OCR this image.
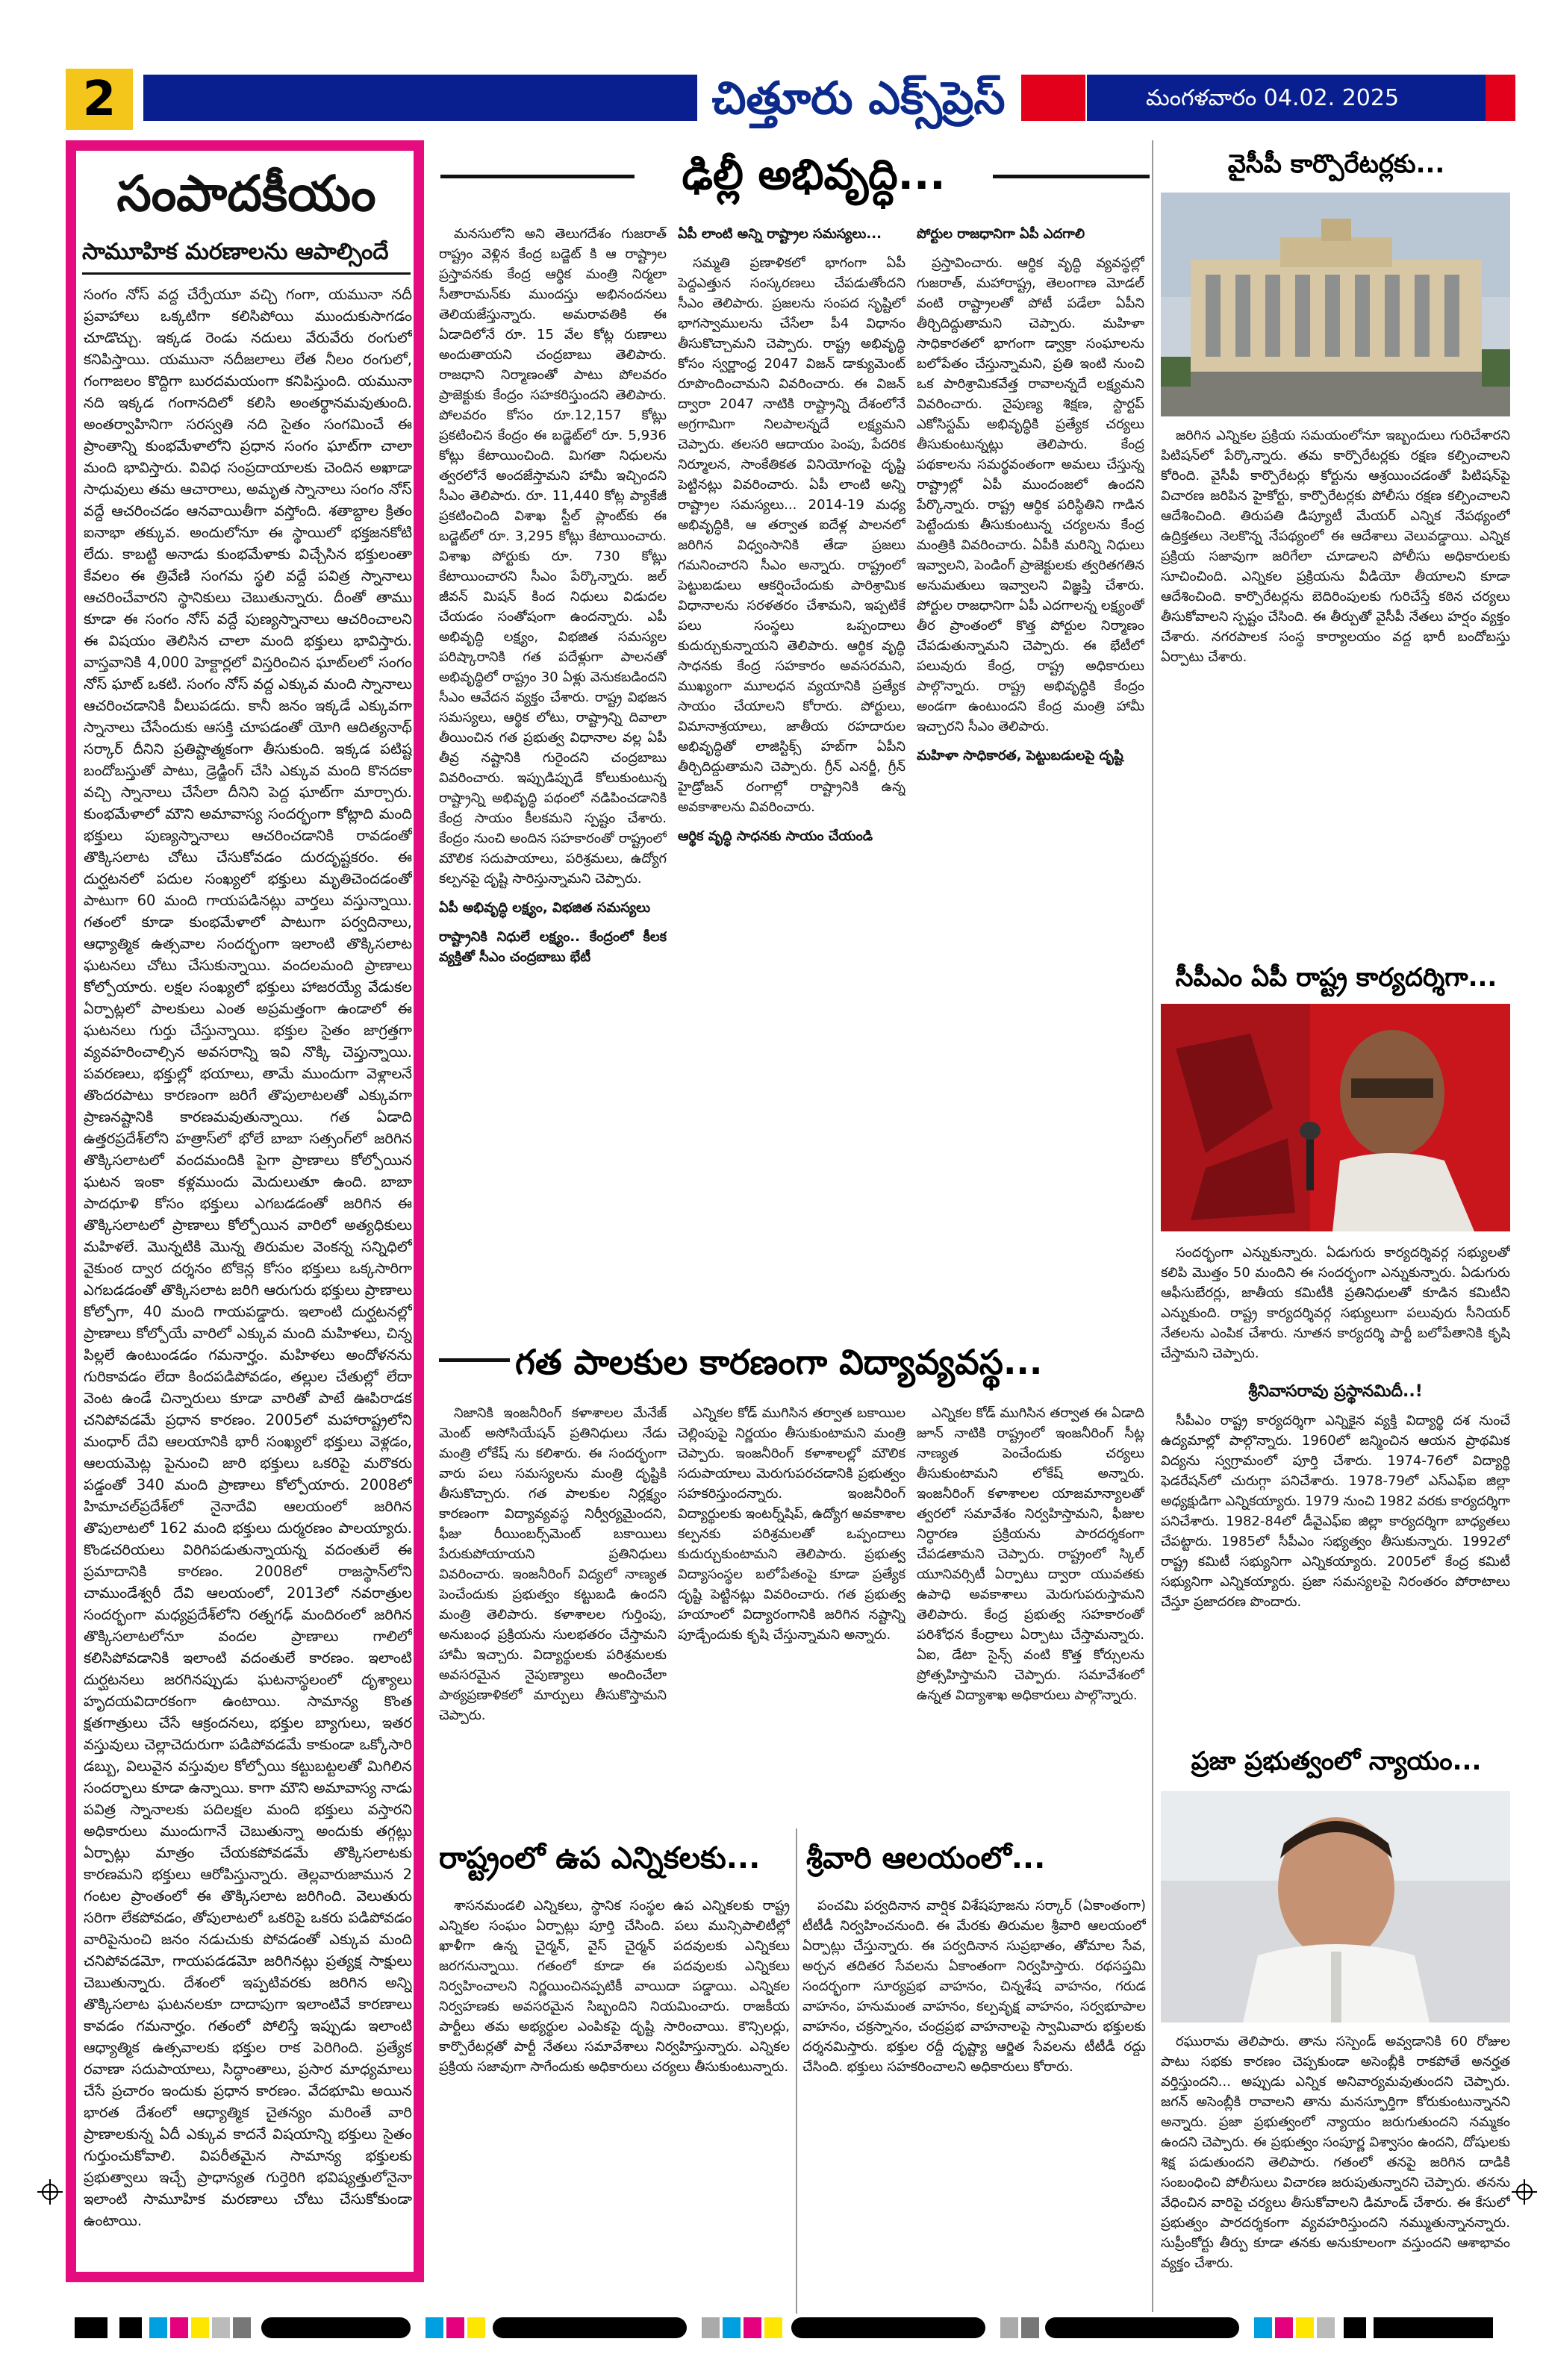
2	చిత్తూరు ఎక్స్‌ప్రెస్	మంగళవారం 04.02. 2025
సంపాదకీయం
సామూహిక మరణాలను ఆపాల్సిందే
సంగం నోస్ వద్ద చేర్పేయూ వచ్చి గంగా, యమునా నదీ ప్రవాహాలు ఒక్కటిగా కలిసిపోయి ముందుకుసాగడం చూడొచ్చు. ఇక్కడ రెండు నదులు వేరువేరు రంగులో కనిపిస్తాయి. యమునా నదీజలాలు లేత నీలం రంగులో, గంగాజలం కొద్దిగా బురదమయంగా కనిపిస్తుంది. యమునా నది ఇక్కడ గంగానదిలో కలిసి అంతర్థానమవుతుంది. అంతర్వాహినిగా సరస్వతి నది సైతం సంగమించే ఈ ప్రాంతాన్ని కుంభమేళాలోని ప్రధాన సంగం ఘాట్‌గా చాలా మంది భావిస్తారు. వివిధ సంప్రదాయాలకు చెందిన అఖాడా సాధువులు తమ ఆచారాలు, అమృత స్నానాలు సంగం నోస్ వద్దే ఆచరించడం ఆనవాయితీగా వస్తోంది. శతాబ్దాల క్రితం ఐనాభా తక్కువ. అందులోనూ ఈ స్థాయిలో భక్తజనకోటి లేదు. కాబట్టి అనాడు కుంభమేళాకు విచ్చేసిన భక్తులంతా కేవలం ఈ త్రివేణి సంగమ స్థలి వద్దే పవిత్ర స్నానాలు ఆచరించేవారని స్థానికులు చెబుతున్నారు. దీంతో తాము కూడా ఈ సంగం నోస్ వద్దే పుణ్యస్నానాలు ఆచరించాలని ఈ విషయం తెలిసిన చాలా మంది భక్తులు భావిస్తారు. వాస్తవానికి 4,000 హెక్టార్లలో విస్తరించిన ఘాట్‌లలో సంగం నోస్ ఘాట్ ఒకటి. సంగం నోస్ వద్ద ఎక్కువ మంది స్నానాలు ఆచరించడానికి వీలుపడదు. కానీ జనం ఇక్కడే ఎక్కువగా స్నానాలు చేసేందుకు ఆసక్తి చూపడంతో యోగి ఆదిత్యనాథ్ సర్కార్ దీనిని ప్రతిష్టాత్మకంగా తీసుకుంది. ఇక్కడ పటిష్ట బందోబస్తుతో పాటు, డ్రెడ్జింగ్ చేసి ఎక్కువ మంది కొనదకా వచ్చి స్నానాలు చేసేలా దీనిని పెద్ద ఘాట్‌గా మార్చారు. కుంభమేళాలో మౌని అమావాస్య సందర్భంగా కోట్లాది మంది భక్తులు పుణ్యస్నానాలు ఆచరించడానికి రావడంతో తొక్కిసలాట చోటు చేసుకోవడం దురదృష్టకరం. ఈ దుర్ఘటనలో పదుల సంఖ్యలో భక్తులు మృతిచెందడంతో పాటుగా 60 మంది గాయపడినట్లు వార్తలు వస్తున్నాయి. గతంలో కూడా కుంభమేళాలో పాటుగా పర్వదినాలు, ఆధ్యాత్మిక ఉత్సవాల సందర్భంగా ఇలాంటి తొక్కిసలాట ఘటనలు చోటు చేసుకున్నాయి. వందలమంది ప్రాణాలు కోల్పోయారు. లక్షల సంఖ్యలో భక్తులు హాజరయ్యే వేడుకల ఏర్పాట్లలో పాలకులు ఎంత అప్రమత్తంగా ఉండాలో ఈ ఘటనలు గుర్తు చేస్తున్నాయి. భక్తుల సైతం జాగ్రత్తగా వ్యవహరించాల్సిన అవసరాన్ని ఇవి నొక్కి చెప్తున్నాయి. పవరణలు, భక్తుల్లో భయాలు, తామే ముందుగా వెళ్లాలనే తొందరపాటు కారణంగా జరిగే తొపులాటలతో ఎక్కువగా ప్రాణనష్టానికి కారణమవుతున్నాయి. గత ఏడాది ఉత్తరప్రదేశ్‌లోని హత్రాస్‌లో భోలే బాబా సత్సంగ్‌లో జరిగిన తొక్కిసలాటలో వందమందికి పైగా ప్రాణాలు కోల్పోయిన ఘటన ఇంకా కళ్లముందు మెదులుతూ ఉంది. బాబా పాదధూళి కోసం భక్తులు ఎగబడడంతో జరిగిన ఈ తొక్కిసలాటలో ప్రాణాలు కోల్పోయిన వారిలో అత్యధికులు మహిళలే. మొన్నటికి మొన్న తిరుమల వెంకన్న సన్నిధిలో వైకుంఠ ద్వార దర్శనం టోకెన్ల కోసం భక్తులు ఒక్కసారిగా ఎగబడడంతో తొక్కిసలాట జరిగి ఆరుగురు భక్తులు ప్రాణాలు కోల్పోగా, 40 మంది గాయపడ్డారు. ఇలాంటి దుర్ఘటనల్లో ప్రాణాలు కోల్పోయే వారిలో ఎక్కువ మంది మహిళలు, చిన్న పిల్లలే ఉంటుండడం గమనార్హం. మహిళలు అందోళనను గురికావడం లేదా కిందపడిపోవడం, తల్లుల చేతుల్లో లేదా వెంట ఉండే చిన్నారులు కూడా వారితో పాటే ఊపిరాడక చనిపోవడమే ప్రధాన కారణం. 2005లో మహారాష్ట్రలోని మంధార్ దేవి ఆలయానికి భారీ సంఖ్యలో భక్తులు వెళ్లడం, ఆలయమెట్ల పైనుంచి జారి భక్తులు ఒకరిపై మరొకరు పడ్డంతో 340 మంది ప్రాణాలు కోల్పోయారు. 2008లో హిమాచల్‌ప్రదేశ్‌లో నైనాదేవి ఆలయంలో జరిగిన తొపులాటలో 162 మంది భక్తులు దుర్మరణం పాలయ్యారు. కొండచరియలు విరిగిపడుతున్నాయన్న వదంతులే ఈ ప్రమాదానికి కారణం. 2008లో రాజస్థాన్‌లోని చాముండేశ్వరీ దేవి ఆలయంలో, 2013లో నవరాత్రుల సందర్భంగా మధ్యప్రదేశ్‌లోని రత్నగఢ్ మందిరంలో జరిగిన తొక్కిసలాటలోనూ వందల ప్రాణాలు గాలిలో కలిసిపోవడానికి ఇలాంటి వదంతులే కారణం. ఇలాంటి దుర్ఘటనలు జరగినప్పుడు ఘటనాస్థలంలో దృశ్యాలు హృదయవిదారకంగా ఉంటాయి. సామాన్య కొంత క్షతగాత్రులు చేసే ఆక్రందనలు, భక్తుల బ్యాగులు, ఇతర వస్తువులు చెల్లాచెదురుగా పడిపోవడమే కాకుండా ఒక్కోసారి డబ్బు, విలువైన వస్తువుల కోల్పోయి కట్టుబట్టలతో మిగిలిన సందర్భాలు కూడా ఉన్నాయి. కాగా మౌని అమావాస్య నాడు పవిత్ర స్నానాలకు పదిలక్షల మంది భక్తులు వస్తారని అధికారులు ముందుగానే చెబుతున్నా అందుకు తగ్గట్లు ఏర్పాట్లు మాత్రం చేయకపోవడమే తొక్కిసలాటకు కారణమని భక్తులు ఆరోపిస్తున్నారు. తెల్లవారుజామున 2 గంటల ప్రాంతంలో ఈ తొక్కిసలాట జరిగింది. వెలుతురు సరిగా లేకపోవడం, తోపులాటలో ఒకరిపై ఒకరు పడిపోవడం వారిపైనుంచి జనం నడుచుకు పోవడంతో ఎక్కువ మంది చనిపోవడమో, గాయపడడమో జరిగినట్లు ప్రత్యక్ష సాక్షులు చెబుతున్నారు. దేశంలో ఇప్పటివరకు జరిగిన అన్ని తొక్కిసలాట ఘటనలకూ దాదాపుగా ఇలాంటివే కారణాలు కావడం గమనార్హం. గతంలో పోలిస్తే ఇప్పుడు ఇలాంటి ఆధ్యాత్మిక ఉత్సవాలకు భక్తుల రాక పెరిగింది. ప్రత్యేక రవాణా సదుపాయాలు, సిద్ధాంతాలు, ప్రసార మాధ్యమాలు చేసే ప్రచారం ఇందుకు ప్రధాన కారణం. వేదభూమి అయిన భారత దేశంలో ఆధ్యాత్మిక చైతన్యం మరింతే వారి ప్రాణాలకున్న ఏదీ ఎక్కువ కాదనే విషయాన్ని భక్తులు సైతం గుర్తుంచుకోవాలి. విపరీతమైన సామాన్య భక్తులకు ప్రభుత్వాలు ఇచ్చే ప్రాధాన్యత గుర్తెరిగి భవిష్యత్తులోనైనా ఇలాంటి సామూహిక మరణాలు చోటు చేసుకోకుండా ఉంటాయి.
ఢిల్లీ అభివృద్ధి...

మనసులోని అని తెలుగదేశం గుజరాత్ రాష్ట్రం వెళ్లిన కేంద్ర బడ్జెట్ కి ఆ రాష్ట్రాల ప్రస్తావనకు కేంద్ర ఆర్థిక మంత్రి నిర్మలా సీతారామన్‌కు ముందస్తు అభినందనలు తెలియజేస్తున్నారు. అమరావతికి ఈ ఏడాదిలోనే రూ. 15 వేల కోట్ల రుణాలు అందుతాయని చంద్రబాబు తెలిపారు. రాజధాని నిర్మాణంతో పాటు పోలవరం ప్రాజెక్టుకు కేంద్రం సహకరిస్తుందని తెలిపారు. పోలవరం కోసం రూ.12,157 కోట్లు ప్రకటించిన కేంద్రం ఈ బడ్జెట్‌లో రూ. 5,936 కోట్లు కేటాయించింది. మిగతా నిధులను త్వరలోనే అందజేస్తామని హామీ ఇచ్చిందని సీఎం తెలిపారు. రూ. 11,440 కోట్ల ప్యాకేజీ ప్రకటించింది విశాఖ స్టీల్ ప్లాంట్‌కు ఈ బడ్జెట్‌లో రూ. 3,295 కోట్లు కేటాయించారు. విశాఖ పోర్టుకు రూ. 730 కోట్లు కేటాయించారని సీఎం పేర్కొన్నారు. జల్ జీవన్ మిషన్ కింద నిధులు విడుదల చేయడం సంతోషంగా ఉందన్నారు. ఎపీ అభివృద్ధి లక్ష్యం, విభజిత సమస్యల పరిష్కారానికి గత పదేళ్లుగా పాలనతో అభివృద్ధిలో రాష్ట్రం 30 ఏళ్లు వెనుకబడిందని సీఎం ఆవేదన వ్యక్తం చేశారు. రాష్ట్ర విభజన సమస్యలు, ఆర్థిక లోటు, రాష్ట్రాన్ని దివాలా తీయించిన గత ప్రభుత్వ విధానాల వల్ల ఏపీ తీవ్ర నష్టానికి గురైందని చంద్రబాబు వివరించారు. ఇప్పుడిప్పుడే కోలుకుంటున్న రాష్ట్రాన్ని అభివృద్ధి పథంలో నడిపించడానికి కేంద్ర సాయం కీలకమని స్పష్టం చేశారు. కేంద్రం నుంచి అందిన సహకారంతో రాష్ట్రంలో మౌలిక సదుపాయాలు, పరిశ్రమలు, ఉద్యోగ కల్పనపై దృష్టి సారిస్తున్నామని చెప్పారు.

ఏపీ అభివృద్ధి లక్ష్యం, విభజిత సమస్యలు

రాష్ట్రానికి నిధులే లక్ష్యం.. కేంద్రంలో కీలక వ్యక్తితో సీఎం చంద్రబాబు భేటీ

ఏపీ లాంటి అన్ని రాష్ట్రాల సమస్యలు...

సమ్మతి ప్రణాళికలో భాగంగా ఏపీ పెద్దఎత్తున సంస్కరణలు చేపడుతోందని సీఎం తెలిపారు. ప్రజలను సంపద సృష్టిలో భాగస్వాములను చేసేలా పీ4 విధానం తీసుకొచ్చామని చెప్పారు. రాష్ట్ర అభివృద్ధి కోసం స్వర్ణాంధ్ర 2047 విజన్ డాక్యుమెంట్ రూపొందించామని వివరించారు. ఈ విజన్ ద్వారా 2047 నాటికి రాష్ట్రాన్ని దేశంలోనే అగ్రగామిగా నిలపాలన్నదే లక్ష్యమని చెప్పారు. తలసరి ఆదాయం పెంపు, పేదరిక నిర్మూలన, సాంకేతికత వినియోగంపై దృష్టి పెట్టినట్లు వివరించారు. ఏపీ లాంటి అన్ని రాష్ట్రాల సమస్యలు... 2014-19 మధ్య అభివృద్ధికి, ఆ తర్వాత ఐదేళ్ల పాలనలో జరిగిన విధ్వంసానికి తేడా ప్రజలు గమనించారని సీఎం అన్నారు. రాష్ట్రంలో పెట్టుబడులు ఆకర్షించేందుకు పారిశ్రామిక విధానాలను సరళతరం చేశామని, ఇప్పటికే పలు సంస్థలు ఒప్పందాలు కుదుర్చుకున్నాయని తెలిపారు. ఆర్థిక వృద్ధి సాధనకు కేంద్ర సహకారం అవసరమని, ముఖ్యంగా మూలధన వ్యయానికి ప్రత్యేక సాయం చేయాలని కోరారు. పోర్టులు, విమానాశ్రయాలు, జాతీయ రహదారుల అభివృద్ధితో లాజిస్టిక్స్ హబ్‌గా ఏపీని తీర్చిదిద్దుతామని చెప్పారు. గ్రీన్ ఎనర్జీ, గ్రీన్ హైడ్రోజన్ రంగాల్లో రాష్ట్రానికి ఉన్న అవకాశాలను వివరించారు.

ఆర్థిక వృద్ధి సాధనకు సాయం చేయండి

పోర్టుల రాజధానిగా ఏపీ ఎదగాలి

ప్రస్తావించారు. ఆర్థిక వృద్ధి వ్యవస్థల్లో గుజరాత్, మహారాష్ట్ర, తెలంగాణ మోడల్‌ వంటి రాష్ట్రాలతో పోటీ పడేలా ఏపీని తీర్చిదిద్దుతామని చెప్పారు. మహిళా సాధికారతలో భాగంగా డ్వాక్రా సంఘాలను బలోపేతం చేస్తున్నామని, ప్రతి ఇంటి నుంచి ఒక పారిశ్రామికవేత్త రావాలన్నదే లక్ష్యమని వివరించారు. నైపుణ్య శిక్షణ, స్టార్టప్ ఎకోసిస్టమ్ అభివృద్ధికి ప్రత్యేక చర్యలు తీసుకుంటున్నట్లు తెలిపారు. కేంద్ర పథకాలను సమర్థవంతంగా అమలు చేస్తున్న రాష్ట్రాల్లో ఏపీ ముందంజలో ఉందని పేర్కొన్నారు. రాష్ట్ర ఆర్థిక పరిస్థితిని గాడిన పెట్టేందుకు తీసుకుంటున్న చర్యలను కేంద్ర మంత్రికి వివరించారు. ఏపీకి మరిన్ని నిధులు ఇవ్వాలని, పెండింగ్ ప్రాజెక్టులకు త్వరితగతిన అనుమతులు ఇవ్వాలని విజ్ఞప్తి చేశారు. పోర్టుల రాజధానిగా ఏపీ ఎదగాలన్న లక్ష్యంతో తీర ప్రాంతంలో కొత్త పోర్టుల నిర్మాణం చేపడుతున్నామని చెప్పారు. ఈ భేటీలో పలువురు కేంద్ర, రాష్ట్ర అధికారులు పాల్గొన్నారు. రాష్ట్ర అభివృద్ధికి కేంద్రం అండగా ఉంటుందని కేంద్ర మంత్రి హామీ ఇచ్చారని సీఎం తెలిపారు.

మహిళా సాధికారత, పెట్టుబడులపై దృష్టి

గత పాలకుల కారణంగా విద్యావ్యవస్థ...

నిజానికి ఇంజనీరింగ్ కళాశాలల మేనేజ్ మెంట్ అసోసియేషన్ ప్రతినిధులు నేడు మంత్రి లోకేష్ ను కలిశారు. ఈ సందర్భంగా వారు పలు సమస్యలను మంత్రి దృష్టికి తీసుకొచ్చారు. గత పాలకుల నిర్లక్ష్యం కారణంగా విద్యావ్యవస్థ నిర్వీర్యమైందని, ఫీజు రీయింబర్స్‌మెంట్ బకాయిలు పేరుకుపోయాయని ప్రతినిధులు వివరించారు. ఇంజనీరింగ్ విద్యలో నాణ్యత పెంచేందుకు ప్రభుత్వం కట్టుబడి ఉందని మంత్రి తెలిపారు. కళాశాలల గుర్తింపు, అనుబంధ ప్రక్రియను సులభతరం చేస్తామని హామీ ఇచ్చారు. విద్యార్థులకు పరిశ్రమలకు అవసరమైన నైపుణ్యాలు అందించేలా పాఠ్యప్రణాళికలో మార్పులు తీసుకొస్తామని చెప్పారు.

ఎన్నికల కోడ్ ముగిసిన తర్వాత బకాయిల చెల్లింపుపై నిర్ణయం తీసుకుంటామని మంత్రి చెప్పారు. ఇంజనీరింగ్ కళాశాలల్లో మౌలిక సదుపాయాలు మెరుగుపరచడానికి ప్రభుత్వం సహకరిస్తుందన్నారు. ఇంజనీరింగ్ విద్యార్థులకు ఇంటర్న్‌షిప్, ఉద్యోగ అవకాశాల కల్పనకు పరిశ్రమలతో ఒప్పందాలు కుదుర్చుకుంటామని తెలిపారు. ప్రభుత్వ విద్యాసంస్థల బలోపేతంపై కూడా ప్రత్యేక దృష్టి పెట్టినట్లు వివరించారు. గత ప్రభుత్వ హయాంలో విద్యారంగానికి జరిగిన నష్టాన్ని పూడ్చేందుకు కృషి చేస్తున్నామని అన్నారు.

ఎన్నికల కోడ్ ముగిసిన తర్వాత ఈ ఏడాది జూన్ నాటికి రాష్ట్రంలో ఇంజనీరింగ్ సీట్ల నాణ్యత పెంచేందుకు చర్యలు తీసుకుంటామని లోకేష్ అన్నారు. ఇంజనీరింగ్ కళాశాలల యాజమాన్యాలతో త్వరలో సమావేశం నిర్వహిస్తామని, ఫీజుల నిర్ధారణ ప్రక్రియను పారదర్శకంగా చేపడతామని చెప్పారు. రాష్ట్రంలో స్కిల్ యూనివర్సిటీ ఏర్పాటు ద్వారా యువతకు ఉపాధి అవకాశాలు మెరుగుపరుస్తామని తెలిపారు. కేంద్ర ప్రభుత్వ సహకారంతో పరిశోధన కేంద్రాలు ఏర్పాటు చేస్తామన్నారు. ఏఐ, డేటా సైన్స్ వంటి కొత్త కోర్సులను ప్రోత్సహిస్తామని చెప్పారు. సమావేశంలో ఉన్నత విద్యాశాఖ అధికారులు పాల్గొన్నారు.

రాష్ట్రంలో ఉప ఎన్నికలకు...

శాసనమండలి ఎన్నికలు, స్థానిక సంస్థల ఉప ఎన్నికలకు రాష్ట్ర ఎన్నికల సంఘం ఏర్పాట్లు పూర్తి చేసింది. పలు మున్సిపాలిటీల్లో ఖాళీగా ఉన్న చైర్మన్, వైస్ చైర్మన్ పదవులకు ఎన్నికలు జరగనున్నాయి. గతంలో కూడా ఈ పదవులకు ఎన్నికలు నిర్వహించాలని నిర్ణయించినప్పటికీ వాయిదా పడ్డాయి. ఎన్నికల నిర్వహణకు అవసరమైన సిబ్బందిని నియమించారు. రాజకీయ పార్టీలు తమ అభ్యర్థుల ఎంపికపై దృష్టి సారించాయి. కౌన్సిలర్లు, కార్పొరేటర్లతో పార్టీ నేతలు సమావేశాలు నిర్వహిస్తున్నారు. ఎన్నికల ప్రక్రియ సజావుగా సాగేందుకు అధికారులు చర్యలు తీసుకుంటున్నారు.

శ్రీవారి ఆలయంలో...

పంచమి పర్వదినాన వార్షిక విశేషపూజను సర్కార్ (ఏకాంతంగా) టీటీడీ నిర్వహించనుంది. ఈ మేరకు తిరుమల శ్రీవారి ఆలయంలో ఏర్పాట్లు చేస్తున్నారు. ఈ పర్వదినాన సుప్రభాతం, తోమాల సేవ, అర్చన తదితర సేవలను ఏకాంతంగా నిర్వహిస్తారు. రథసప్తమి సందర్భంగా సూర్యప్రభ వాహనం, చిన్నశేష వాహనం, గరుడ వాహనం, హనుమంత వాహనం, కల్పవృక్ష వాహనం, సర్వభూపాల వాహనం, చక్రస్నానం, చంద్రప్రభ వాహనాలపై స్వామివారు భక్తులకు దర్శనమిస్తారు. భక్తుల రద్దీ దృష్ట్యా ఆర్జిత సేవలను టీటీడీ రద్దు చేసింది. భక్తులు సహకరించాలని అధికారులు కోరారు.

వైసీపీ కార్పొరేటర్లకు...

జరిగిన ఎన్నికల ప్రక్రియ సమయంలోనూ ఇబ్బందులు గురిచేశారని పిటిషన్‌లో పేర్కొన్నారు. తమ కార్పొరేటర్లకు రక్షణ కల్పించాలని కోరింది. వైసీపీ కార్పొరేటర్లు కోర్టును ఆశ్రయించడంతో పిటిషన్‌పై విచారణ జరిపిన హైకోర్టు, కార్పొరేటర్లకు పోలీసు రక్షణ కల్పించాలని ఆదేశించింది. తిరుపతి డిప్యూటీ మేయర్ ఎన్నిక నేపథ్యంలో ఉద్రిక్తతలు నెలకొన్న నేపథ్యంలో ఈ ఆదేశాలు వెలువడ్డాయి. ఎన్నిక ప్రక్రియ సజావుగా జరిగేలా చూడాలని పోలీసు అధికారులకు సూచించింది. ఎన్నికల ప్రక్రియను వీడియో తీయాలని కూడా ఆదేశించింది. కార్పొరేటర్లను బెదిరింపులకు గురిచేస్తే కఠిన చర్యలు తీసుకోవాలని స్పష్టం చేసింది. ఈ తీర్పుతో వైసీపీ నేతలు హర్షం వ్యక్తం చేశారు. నగరపాలక సంస్థ కార్యాలయం వద్ద భారీ బందోబస్తు ఏర్పాటు చేశారు.

సీపీఎం ఏపీ రాష్ట్ర కార్యదర్శిగా...

సందర్భంగా ఎన్నుకున్నారు. ఏడుగురు కార్యదర్శివర్గ సభ్యులతో కలిపి మొత్తం 50 మందిని ఈ సందర్భంగా ఎన్నుకున్నారు. ఏడుగురు ఆఫీసుబేరర్లు, జాతీయ కమిటీకి ప్రతినిధులతో కూడిన కమిటీని ఎన్నుకుంది. రాష్ట్ర కార్యదర్శివర్గ సభ్యులుగా పలువురు సీనియర్ నేతలను ఎంపిక చేశారు. నూతన కార్యదర్శి పార్టీ బలోపేతానికి కృషి చేస్తామని చెప్పారు.

శ్రీనివాసరావు ప్రస్థానమిదీ..!

సీపీఎం రాష్ట్ర కార్యదర్శిగా ఎన్నికైన వ్యక్తి విద్యార్థి దశ నుంచే ఉద్యమాల్లో పాల్గొన్నారు. 1960లో జన్మించిన ఆయన ప్రాథమిక విద్యను స్వగ్రామంలో పూర్తి చేశారు. 1974-76లో విద్యార్థి ఫెడరేషన్‌లో చురుగ్గా పనిచేశారు. 1978-79లో ఎస్‌ఎఫ్‌ఐ జిల్లా అధ్యక్షుడిగా ఎన్నికయ్యారు. 1979 నుంచి 1982 వరకు కార్యదర్శిగా పనిచేశారు. 1982-84లో డీవైఎఫ్ఐ జిల్లా కార్యదర్శిగా బాధ్యతలు చేపట్టారు. 1985లో సీపీఎం సభ్యత్వం తీసుకున్నారు. 1992లో రాష్ట్ర కమిటీ సభ్యునిగా ఎన్నికయ్యారు. 2005లో కేంద్ర కమిటీ సభ్యునిగా ఎన్నికయ్యారు. ప్రజా సమస్యలపై నిరంతరం పోరాటాలు చేస్తూ ప్రజాదరణ పొందారు.

ప్రజా ప్రభుత్వంలో న్యాయం...

రఘురామ తెలిపారు. తాను సస్పెండ్ అవ్వడానికి 60 రోజుల పాటు సభకు కారణం చెప్పకుండా అసెంబ్లీకి రాకపోతే అనర్హత వర్తిస్తుందని... అప్పుడు ఎన్నిక అనివార్యమవుతుందని చెప్పారు. జగన్ అసెంబ్లీకి రావాలని తాను మనస్ఫూర్తిగా కోరుకుంటున్నానని అన్నారు. ప్రజా ప్రభుత్వంలో న్యాయం జరుగుతుందని నమ్మకం ఉందని చెప్పారు. ఈ ప్రభుత్వం సంపూర్ణ విశ్వాసం ఉందని, దోషులకు శిక్ష పడుతుందని తెలిపారు. గతంలో తనపై జరిగిన దాడికి సంబంధించి పోలీసులు విచారణ జరుపుతున్నారని చెప్పారు. తనను వేధించిన వారిపై చర్యలు తీసుకోవాలని డిమాండ్ చేశారు. ఈ కేసులో ప్రభుత్వం పారదర్శకంగా వ్యవహరిస్తుందని నమ్ముతున్నానన్నారు. సుప్రీంకోర్టు తీర్పు కూడా తనకు అనుకూలంగా వస్తుందని ఆశాభావం వ్యక్తం చేశారు.
